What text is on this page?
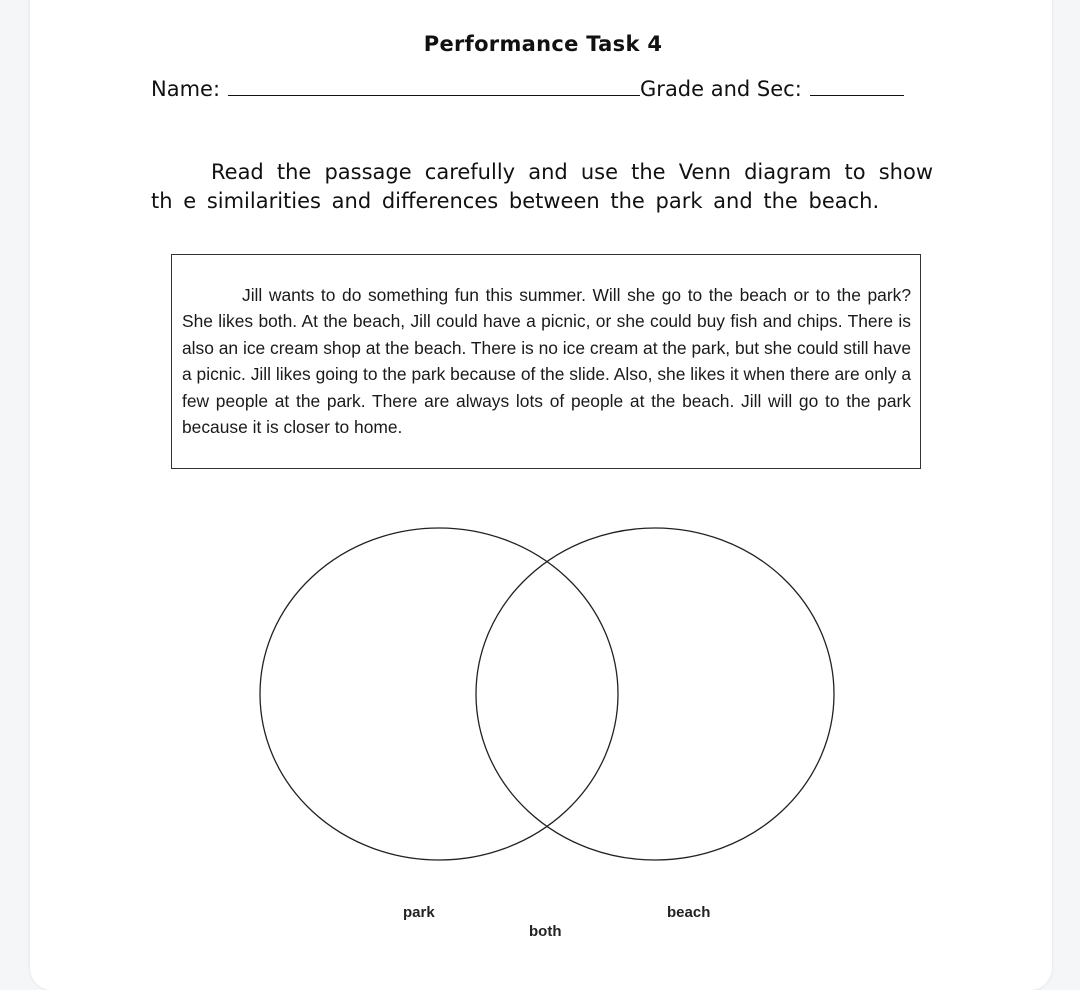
Performance Task 4
Name:	Grade and Sec:
Read the passage carefully and use the Venn diagram to show th e similarities and differences between the park and the beach.
Jill wants to do something fun this summer. Will she go to the beach or to the park? She likes both. At the beach, Jill could have a picnic, or she could buy fish and chips. There is also an ice cream shop at the beach. There is no ice cream at the park, but she could still have a picnic. Jill likes going to the park because of the slide. Also, she likes it when there are only a few people at the park. There are always lots of people at the beach. Jill will go to the park because it is closer to home.
park	beach
both
